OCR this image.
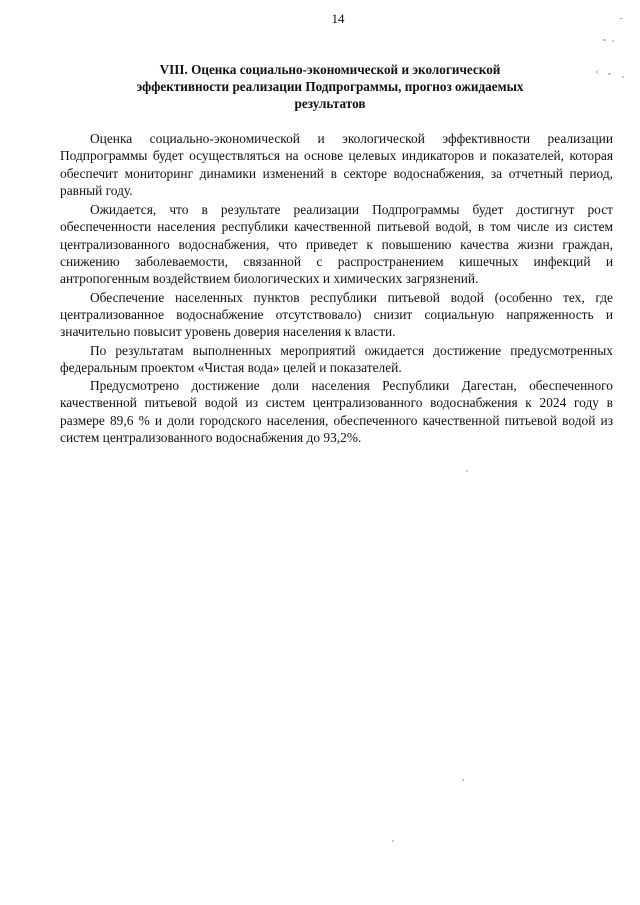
14
VIII. Оценка социально-экономической и экологической
эффективности реализации Подпрограммы, прогноз ожидаемых
результатов

Оценка социально-экономической и экологической эффективности реализации Подпрограммы будет осуществляться на основе целевых индикаторов и показателей, которая обеспечит мониторинг динамики изменений в секторе водоснабжения, за отчетный период, равный году.

Ожидается, что в результате реализации Подпрограммы будет достигнут рост обеспеченности населения республики качественной питьевой водой, в том числе из систем централизованного водоснабжения, что приведет к повышению качества жизни граждан, снижению заболеваемости, связанной с распространением кишечных инфекций и антропогенным воздействием биологических и химических загрязнений.

Обеспечение населенных пунктов республики питьевой водой (особенно тех, где централизованное водоснабжение отсутствовало) снизит социальную напряженность и значительно повысит уровень доверия населения к власти.

По результатам выполненных мероприятий ожидается достижение предусмотренных федеральным проектом «Чистая вода» целей и показателей.

Предусмотрено достижение доли населения Республики Дагестан, обеспеченного качественной питьевой водой из систем централизованного водоснабжения к 2024 году в размере 89,6 % и доли городского населения, обеспеченного качественной питьевой водой из систем централизованного водоснабжения до 93,2%.
